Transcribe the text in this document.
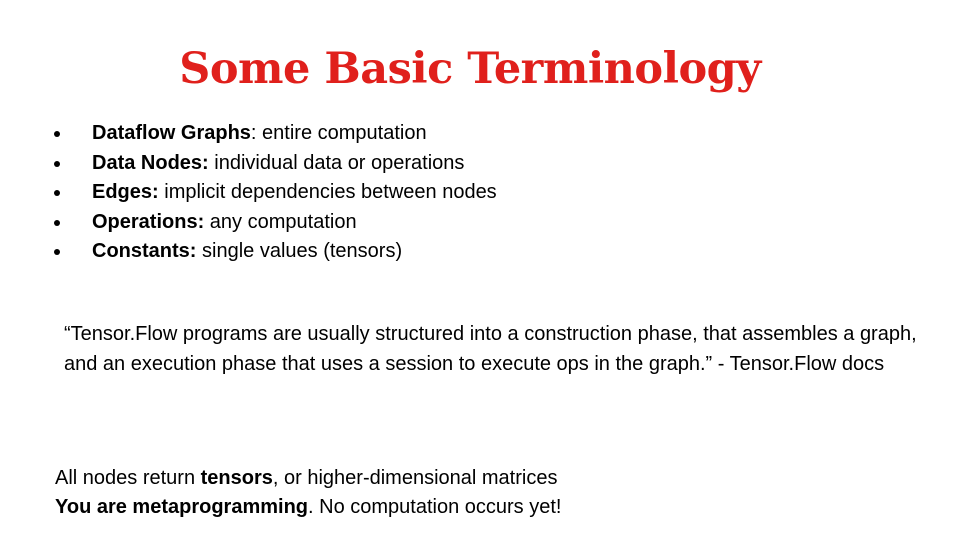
Some Basic Terminology
Dataflow Graphs: entire computation
Data Nodes: individual data or operations
Edges: implicit dependencies between nodes
Operations: any computation
Constants: single values (tensors)

“Tensor.Flow programs are usually structured into a construction phase, that assembles a graph, and an execution phase that uses a session to execute ops in the graph.” - Tensor.Flow docs

All nodes return tensors, or higher-dimensional matrices
You are metaprogramming. No computation occurs yet!
